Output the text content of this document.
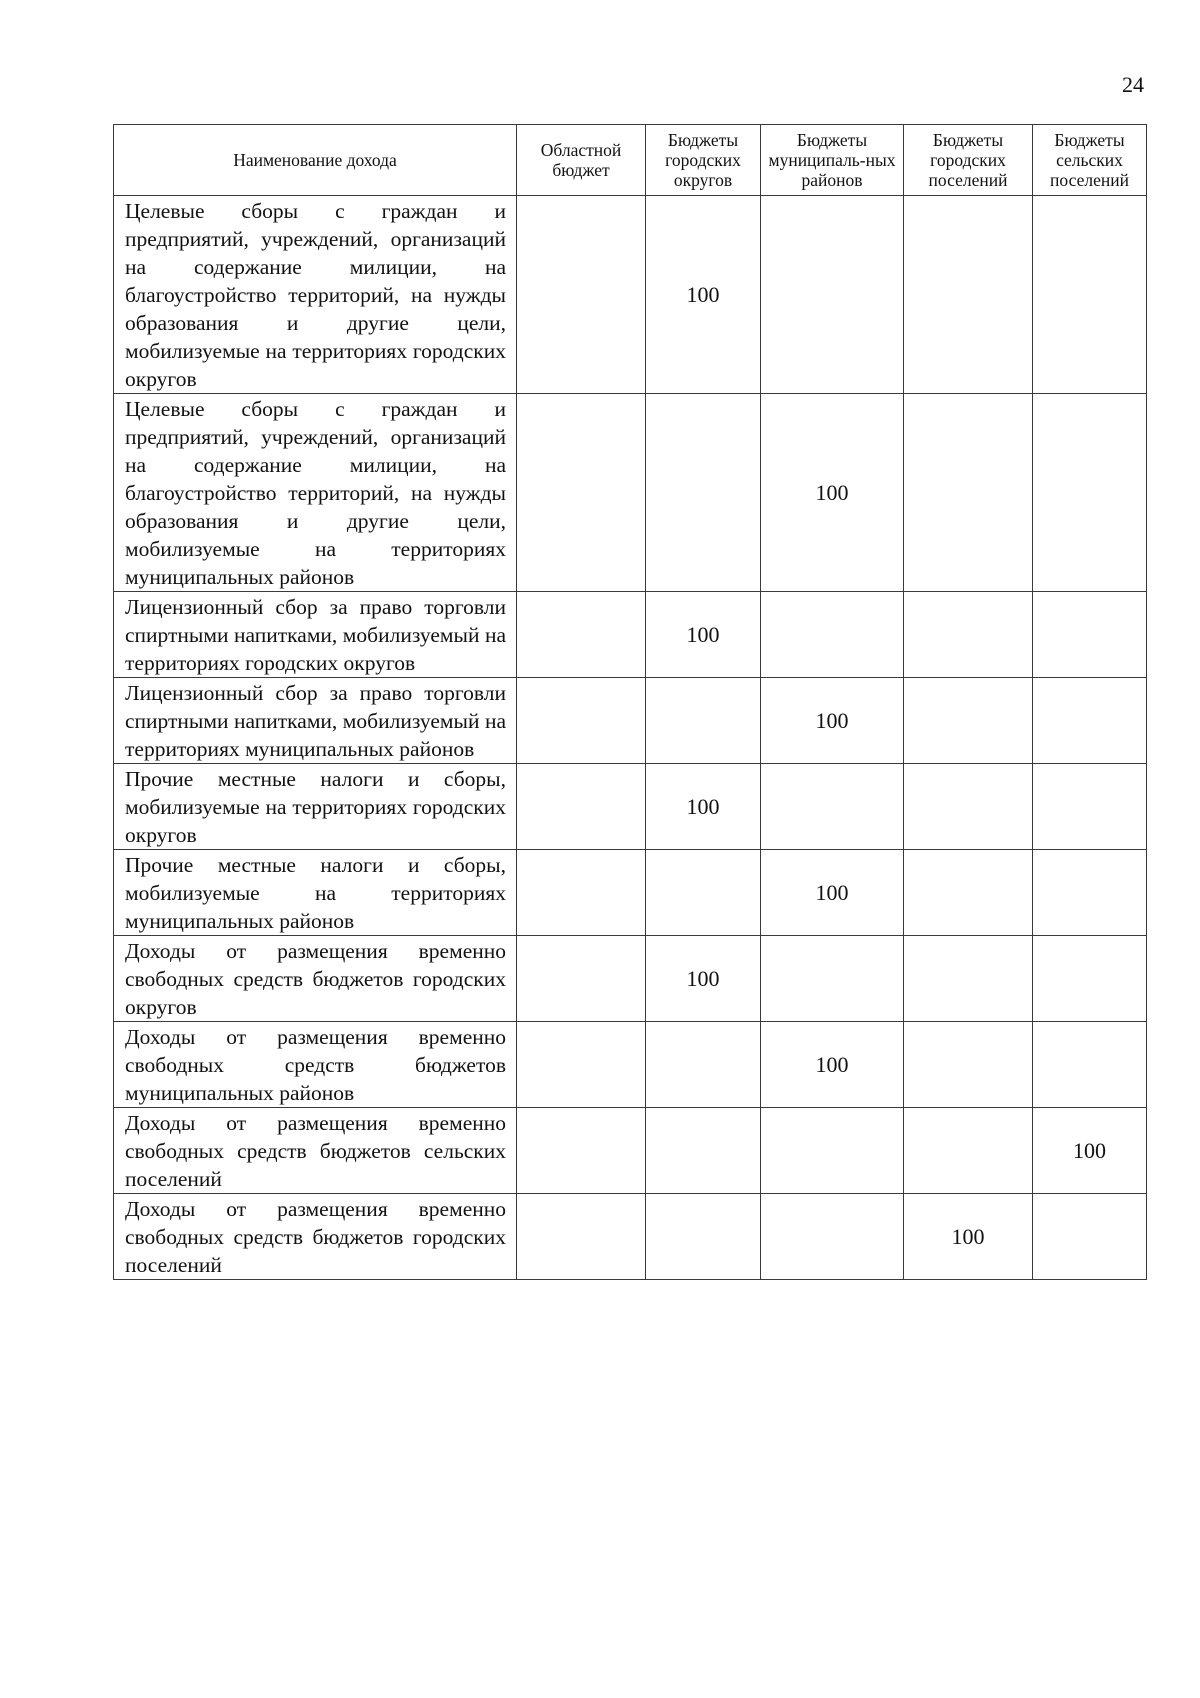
24
Наименование дохода	Областной бюджет	Бюджеты городских округов	Бюджеты муниципаль-ных районов	Бюджеты городских поселений	Бюджеты сельских поселений
Целевые сборы с граждан и предприятий, учреждений, организаций на содержание милиции, на благоустройство территорий, на нужды образования и другие цели, мобилизуемые на территориях городских округов		100			
Целевые сборы с граждан и предприятий, учреждений, организаций на содержание милиции, на благоустройство территорий, на нужды образования и другие цели, мобилизуемые на территориях муниципальных районов			100		
Лицензионный сбор за право торговли спиртными напитками, мобилизуемый на территориях городских округов		100			
Лицензионный сбор за право торговли спиртными напитками, мобилизуемый на территориях муниципальных районов			100		
Прочие местные налоги и сборы, мобилизуемые на территориях городских округов		100			
Прочие местные налоги и сборы, мобилизуемые на территориях муниципальных районов			100		
Доходы от размещения временно свободных средств бюджетов городских округов		100			
Доходы от размещения временно свободных средств бюджетов муниципальных районов			100		
Доходы от размещения временно свободных средств бюджетов сельских поселений					100
Доходы от размещения временно свободных средств бюджетов городских поселений				100	
